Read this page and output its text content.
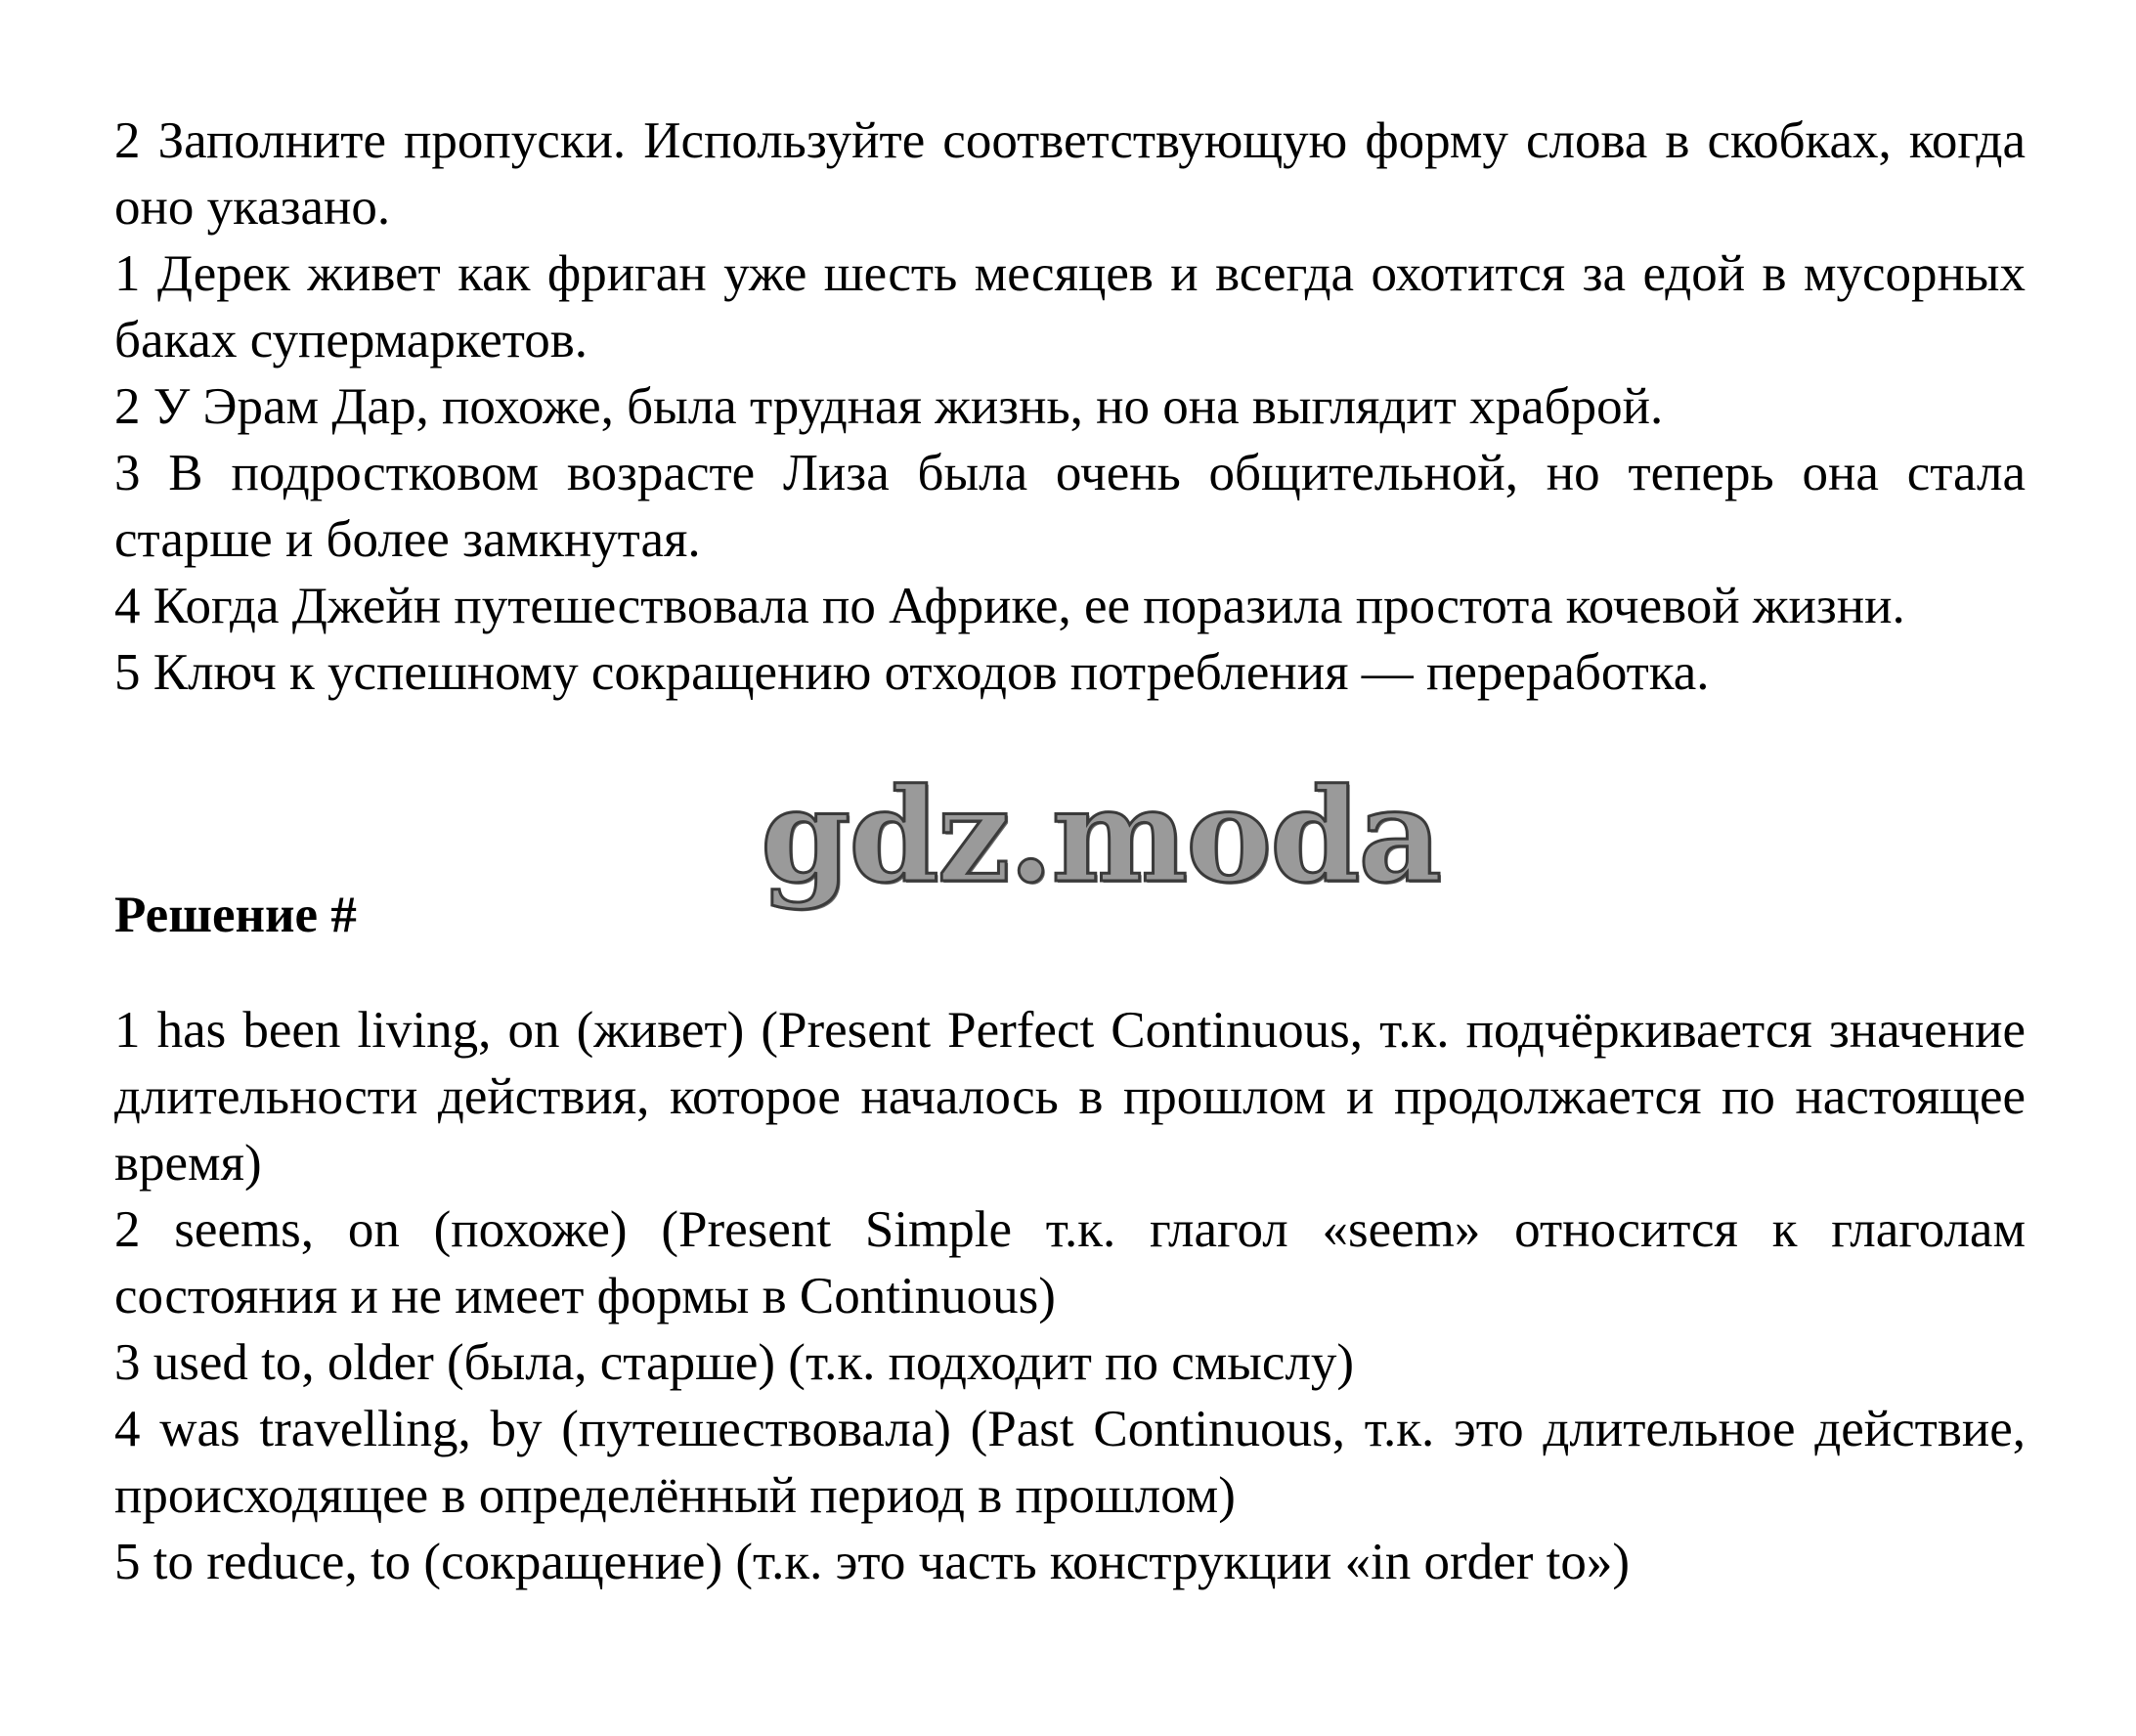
2 Заполните пропуски. Используйте соответствующую форму слова в скобках, когда оно указано.

1 Дерек живет как фриган уже шесть месяцев и всегда охотится за едой в мусорных баках супермаркетов.

2 У Эрам Дар, похоже, была трудная жизнь, но она выглядит храброй.

3 В подростковом возрасте Лиза была очень общительной, но теперь она стала старше и более замкнутая.

4 Когда Джейн путешествовала по Африке, ее поразила простота кочевой жизни.

5 Ключ к успешному сокращению отходов потребления — переработка.

gdz.moda

Решение #

1 has been living, on (живет) (Present Perfect Continuous, т.к. подчёркивается значение длительности действия, которое началось в прошлом и продолжается по настоящее время)

2 seems, on (похоже) (Present Simple т.к. глагол «seem» относится к глаголам состояния и не имеет формы в Continuous)

3 used to, older (была, старше) (т.к. подходит по смыслу)

4 was travelling, by (путешествовала) (Past Continuous, т.к. это длительное действие, происходящее в определённый период в прошлом)

5 to reduce, to (сокращение) (т.к. это часть конструкции «in order to»)
